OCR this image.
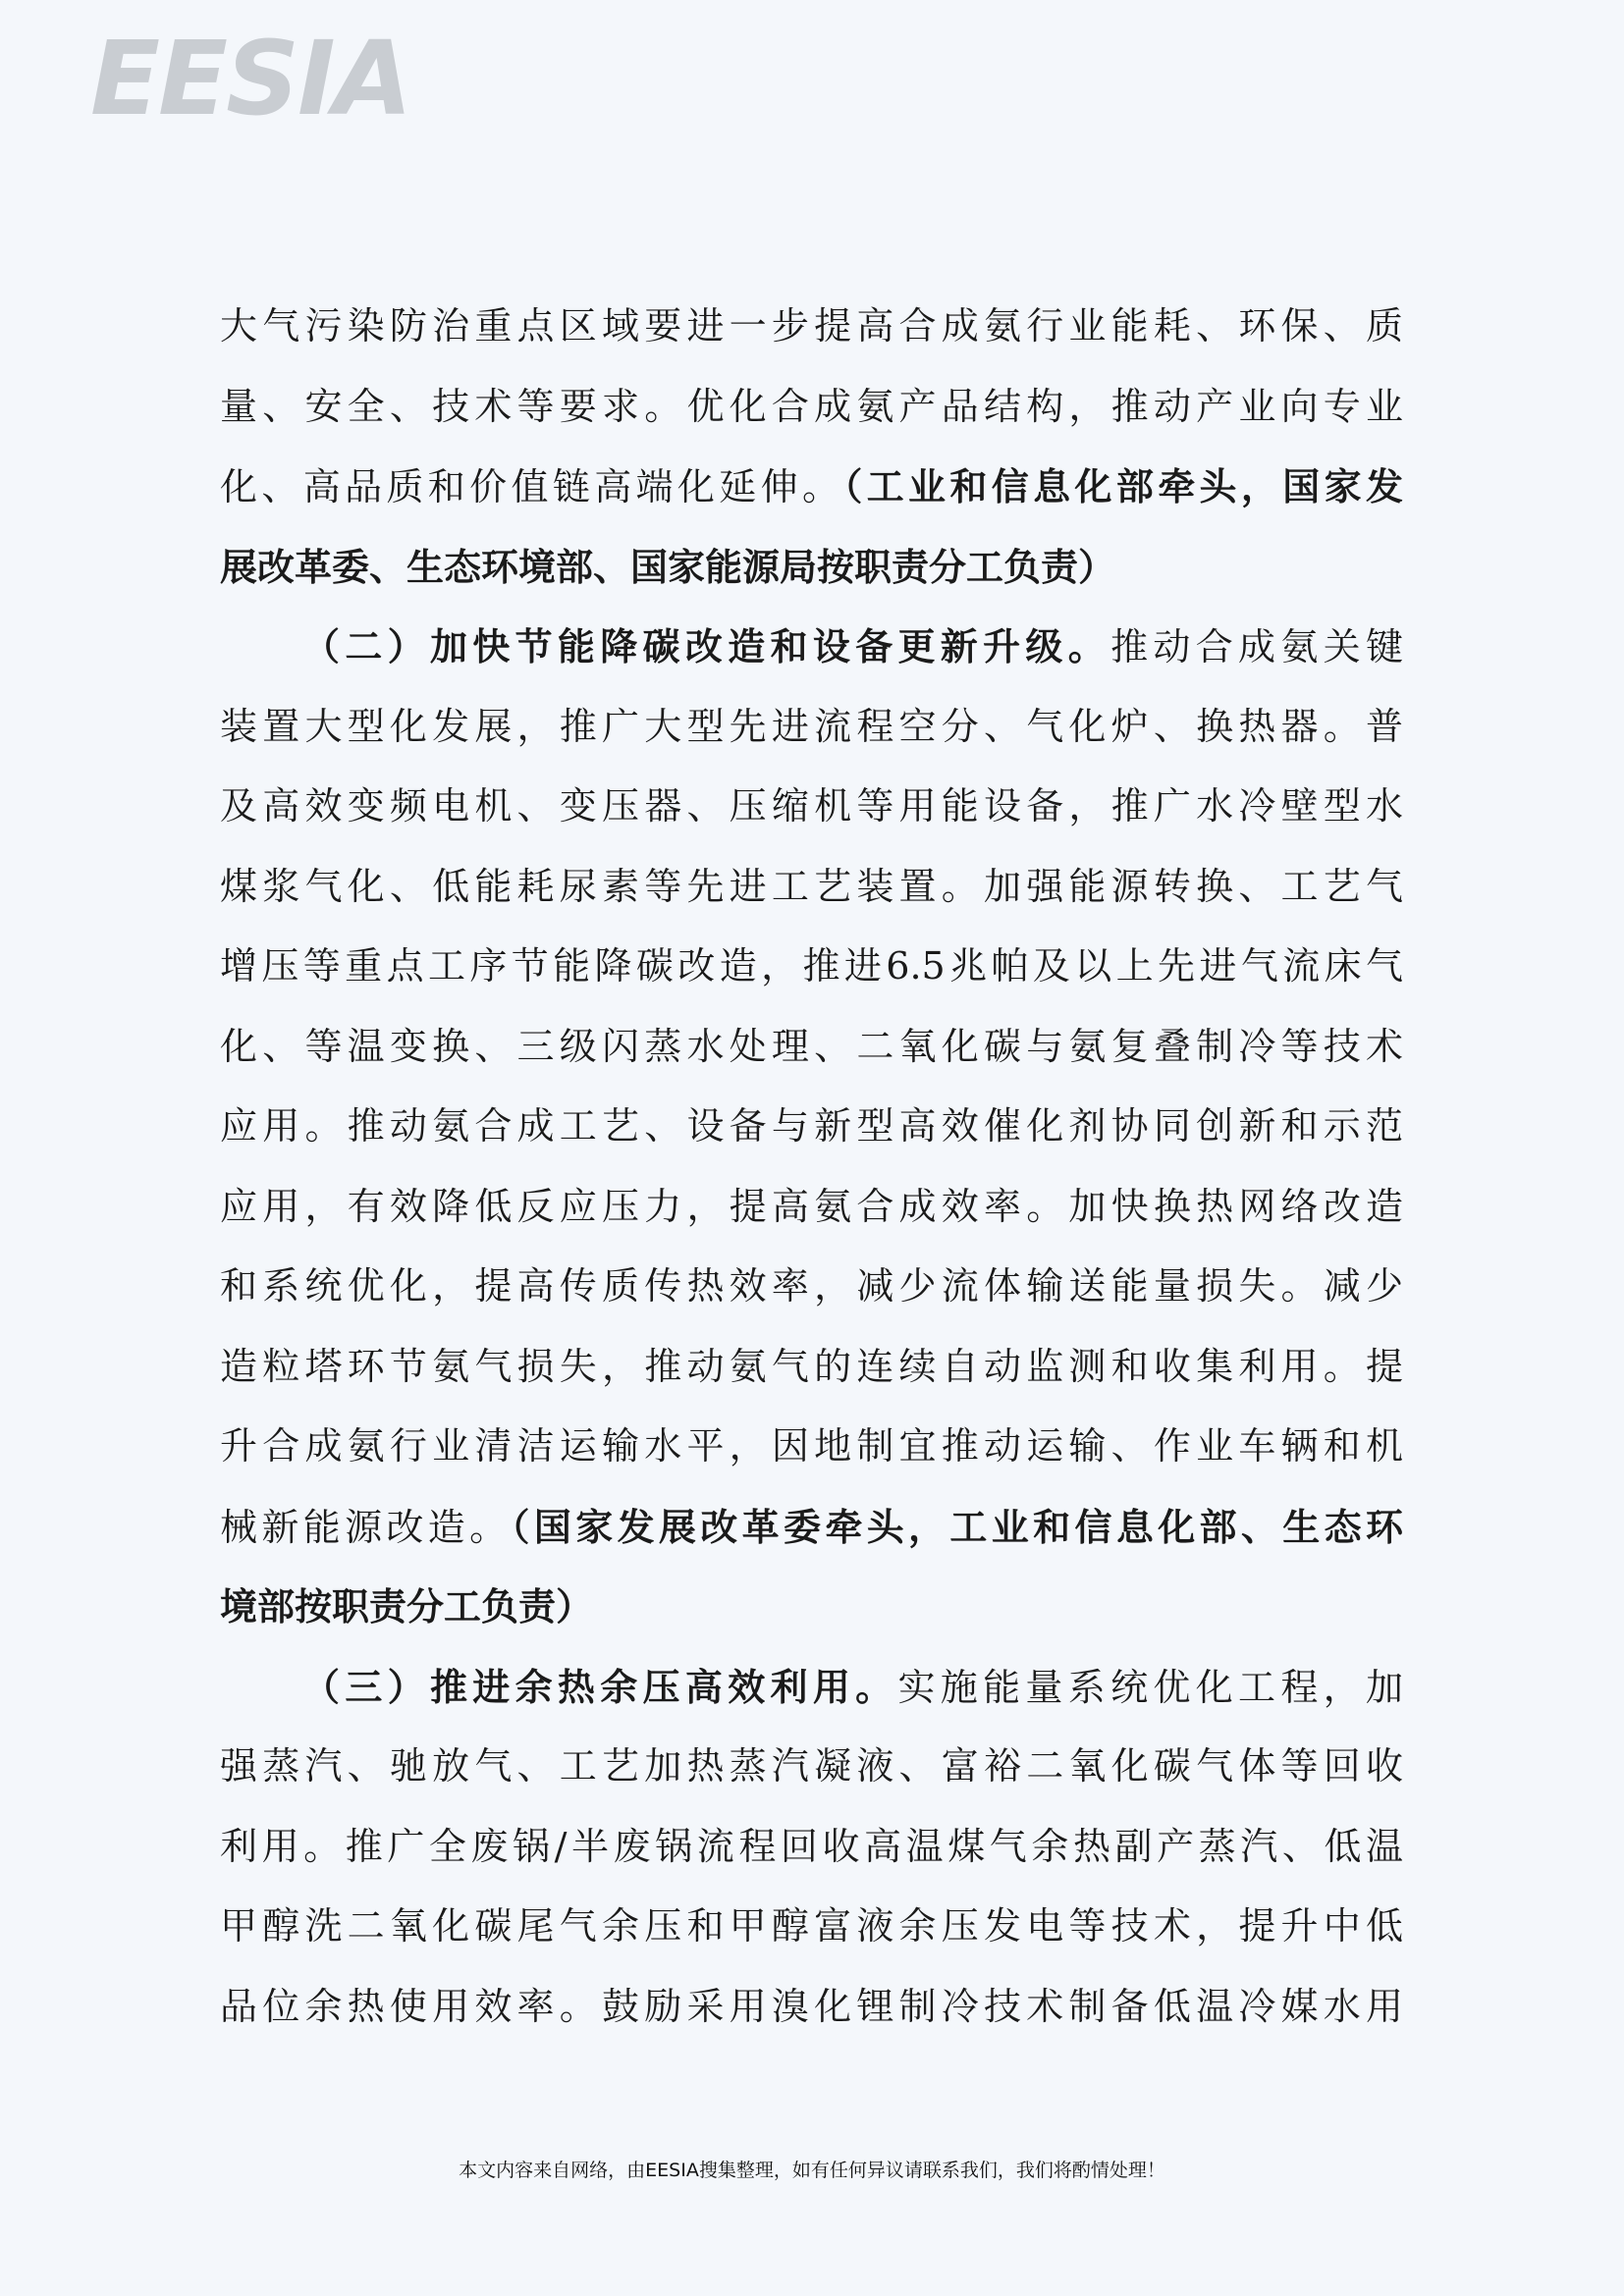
EESIA
大气污染防治重点区域要进一步提高合成氨行业能耗、环保、质
量、安全、技术等要求。优化合成氨产品结构，推动产业向专业
化、高品质和价值链高端化延伸。（工业和信息化部牵头，国家发
展改革委、生态环境部、国家能源局按职责分工负责）
（二）加快节能降碳改造和设备更新升级。推动合成氨关键
装置大型化发展，推广大型先进流程空分、气化炉、换热器。普
及高效变频电机、变压器、压缩机等用能设备，推广水冷壁型水
煤浆气化、低能耗尿素等先进工艺装置。加强能源转换、工艺气
增压等重点工序节能降碳改造，推进6.5兆帕及以上先进气流床气
化、等温变换、三级闪蒸水处理、二氧化碳与氨复叠制冷等技术
应用。推动氨合成工艺、设备与新型高效催化剂协同创新和示范
应用，有效降低反应压力，提高氨合成效率。加快换热网络改造
和系统优化，提高传质传热效率，减少流体输送能量损失。减少
造粒塔环节氨气损失，推动氨气的连续自动监测和收集利用。提
升合成氨行业清洁运输水平，因地制宜推动运输、作业车辆和机
械新能源改造。（国家发展改革委牵头，工业和信息化部、生态环
境部按职责分工负责）
（三）推进余热余压高效利用。实施能量系统优化工程，加
强蒸汽、驰放气、工艺加热蒸汽凝液、富裕二氧化碳气体等回收
利用。推广全废锅/半废锅流程回收高温煤气余热副产蒸汽、低温
甲醇洗二氧化碳尾气余压和甲醇富液余压发电等技术，提升中低
品位余热使用效率。鼓励采用溴化锂制冷技术制备低温冷媒水用
本文内容来自网络，由EESIA搜集整理，如有任何异议请联系我们，我们将酌情处理！
